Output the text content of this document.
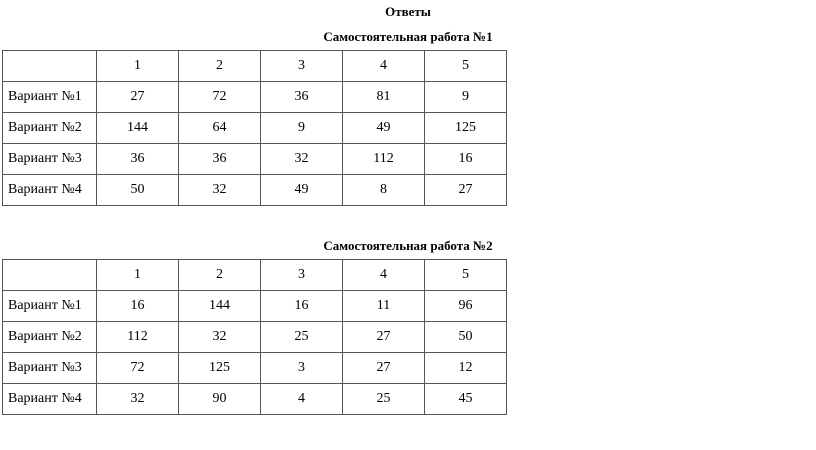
Ответы
Самостоятельная работа №1
	1	2	3	4	5
Вариант №1	27	72	36	81	9
Вариант №2	144	64	9	49	125
Вариант №3	36	36	32	112	16
Вариант №4	50	32	49	8	27
Самостоятельная работа №2
	1	2	3	4	5
Вариант №1	16	144	16	11	96
Вариант №2	112	32	25	27	50
Вариант №3	72	125	3	27	12
Вариант №4	32	90	4	25	45
